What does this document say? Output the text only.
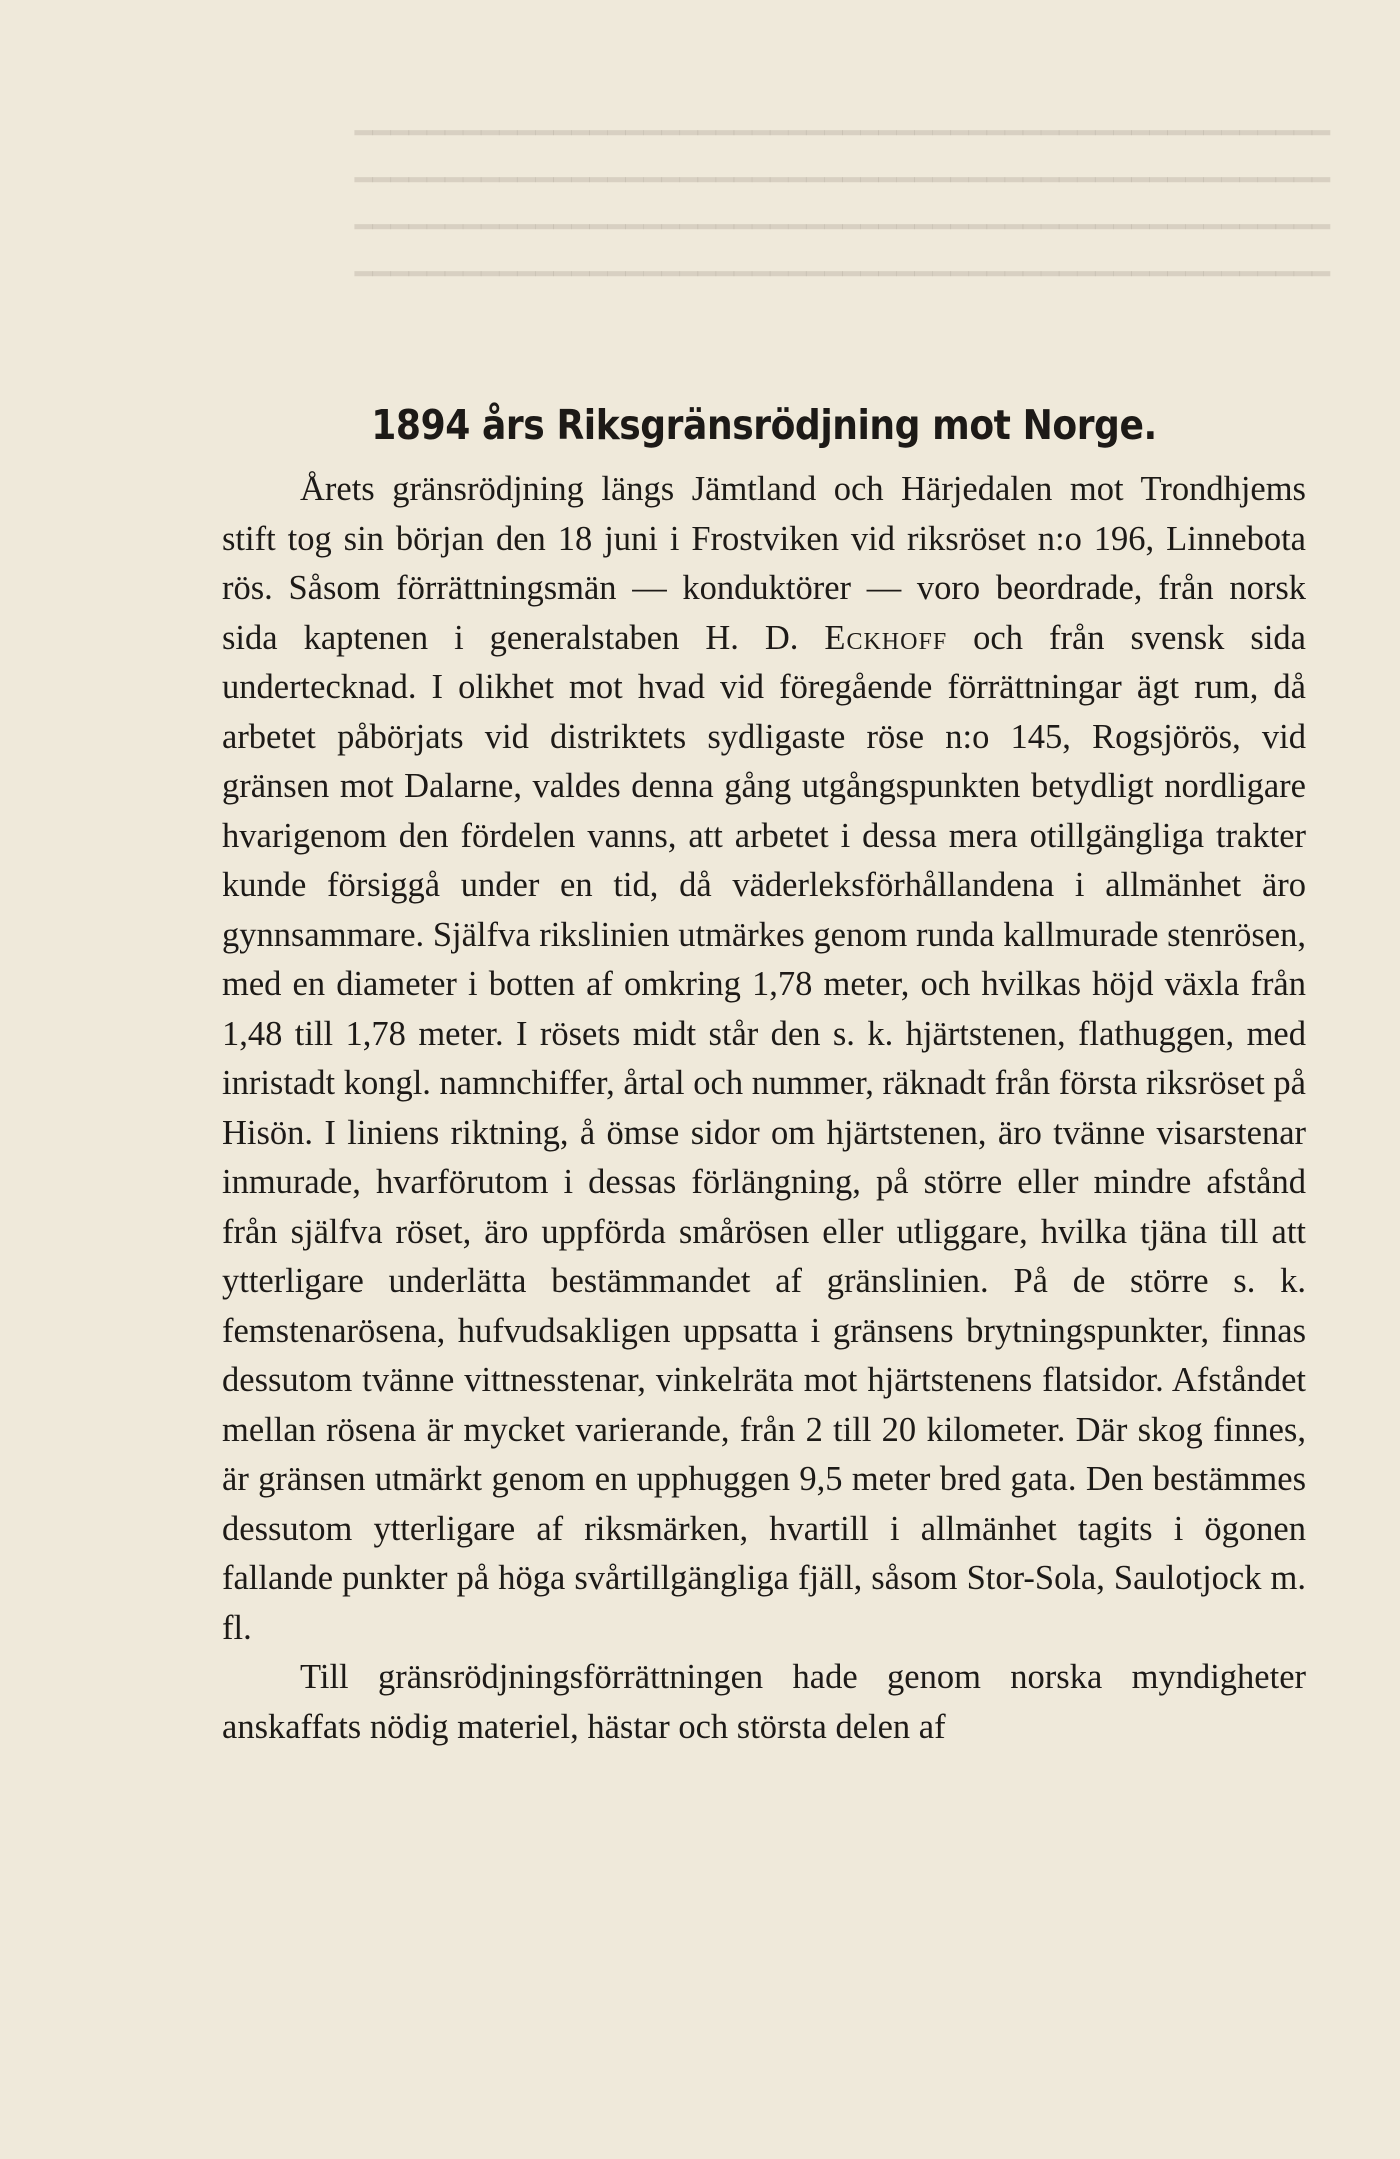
━━━━━━━━━━━━━━━━━━━━━━━━━━━━━━━━━━━━━━━━━━━━━━━━━━━━━━
━━━━━━━━━━━━━━━━━━━━━━━━━━━━━━━━━━━━━━━━━━━━━━━━━━━━━━
━━━━━━━━━━━━━━━━━━━━━━━━━━━━━━━━━━━━━━━━━━━━━━━━━━━━━━
━━━━━━━━━━━━━━━━━━━━━━━━━━━━━━━━━━━━━━━━━━━━━━━━━━━━━━
1894 års Riksgränsrödjning mot Norge.

Årets gränsrödjning längs Jämtland och Härjedalen mot Trondhjems stift tog sin början den 18 juni i Frostviken vid riksröset n:o 196, Linnebota rös. Såsom förrättningsmän — konduktörer — voro beordrade, från norsk sida kaptenen i generalstaben H. D. Eckhoff och från svensk sida undertecknad. I olikhet mot hvad vid föregående förrättningar ägt rum, då arbetet påbörjats vid distriktets sydligaste röse n:o 145, Rogsjörös, vid gränsen mot Dalarne, valdes denna gång utgångspunkten betydligt nordligare hvarigenom den fördelen vanns, att arbetet i dessa mera otillgängliga trakter kunde försiggå under en tid, då väderleksförhållandena i allmänhet äro gynnsammare. Själfva rikslinien utmärkes genom runda kallmurade stenrösen, med en diameter i botten af omkring 1,78 meter, och hvilkas höjd växla från 1,48 till 1,78 meter. I rösets midt står den s. k. hjärtstenen, flathuggen, med inristadt kongl. namnchiffer, årtal och nummer, räknadt från första riksröset på Hisön. I liniens riktning, å ömse sidor om hjärtstenen, äro tvänne visarstenar inmurade, hvarförutom i dessas förlängning, på större eller mindre afstånd från själfva röset, äro uppförda smårösen eller utliggare, hvilka tjäna till att ytterligare underlätta bestämmandet af gränslinien. På de större s. k. femstenarösena, hufvudsakligen uppsatta i gränsens brytningspunkter, finnas dessutom tvänne vittnesstenar, vinkelräta mot hjärtstenens flatsidor. Afståndet mellan rösena är mycket varierande, från 2 till 20 kilometer. Där skog finnes, är gränsen utmärkt genom en upphuggen 9,5 meter bred gata. Den bestämmes dessutom ytterligare af riksmärken, hvartill i allmänhet tagits i ögonen fallande punkter på höga svårtillgängliga fjäll, såsom Stor-Sola, Saulotjock m. fl.

Till gränsrödjningsförrättningen hade genom norska myndigheter anskaffats nödig materiel, hästar och största delen af
